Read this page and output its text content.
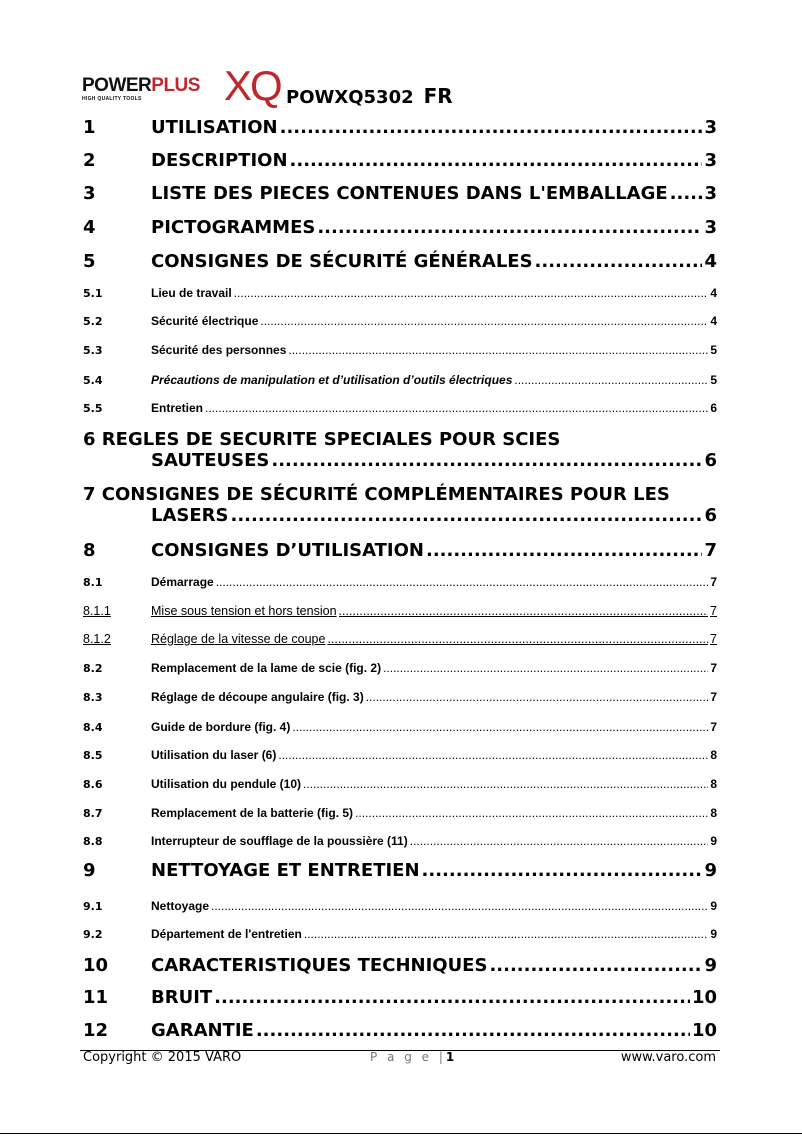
POWERPLUS
HIGH QUALITY TOOLS XQ POWXQ5302 FR
1	UTILISATION .....	3
2	DESCRIPTION .....	3
3	LISTE DES PIECES CONTENUES DANS L'EMBALLAGE ..... 3
4	PICTOGRAMMES .....	3
5	CONSIGNES DE SÉCURITÉ GÉNÉRALES .....	4
5.1	Lieu de travail .....	4
5.2	Sécurité électrique .....	4
5.3	Sécurité des personnes .....	5
5.4	Précautions de manipulation et d’utilisation d’outils électriques .....	5
5.5	Entretien .....	6
6 REGLES DE SECURITE SPECIALES POUR SCIES
SAUTEUSES .....	6
7 CONSIGNES DE SÉCURITÉ COMPLÉMENTAIRES POUR LES
LASERS .....	6
8	CONSIGNES D’UTILISATION .....	7
8.1	Démarrage .....	7
8.1.1	Mise sous tension et hors tension .....	7
8.1.2	Réglage de la vitesse de coupe .....	7
8.2	Remplacement de la lame de scie (fig. 2) .....	7
8.3	Réglage de découpe angulaire (fig. 3) .....	7
8.4	Guide de bordure (fig. 4) .....	7
8.5	Utilisation du laser (6) .....	8
8.6	Utilisation du pendule (10) .....	8
8.7	Remplacement de la batterie (fig. 5) .....	8
8.8	Interrupteur de soufflage de la poussière (11) .....	9
9	NETTOYAGE ET ENTRETIEN .....	9
9.1	Nettoyage .....	9
9.2	Département de l'entretien .....	9
10	CARACTERISTIQUES TECHNIQUES .....	9
11	BRUIT .....	10
12	GARANTIE .....	10
Copyright © 2015 VARO	P a g e |1	www.varo.com
